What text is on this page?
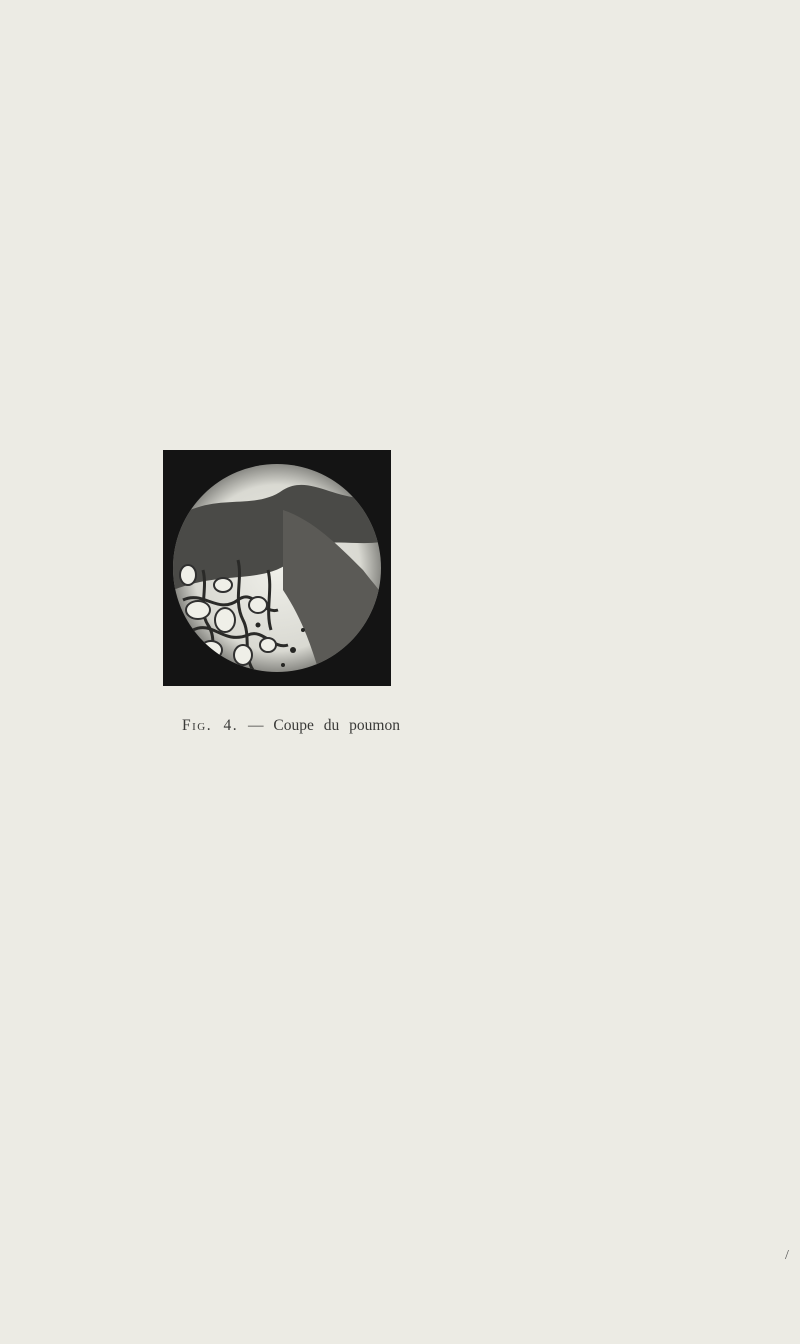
Fig. 4. — Coupe du poumon
/
